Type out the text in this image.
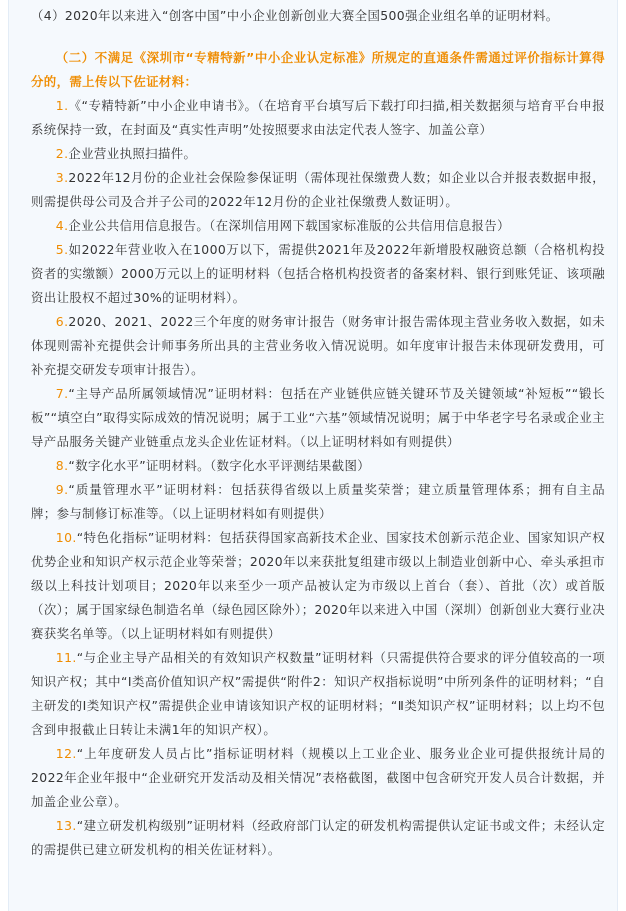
（4）2020年以来进入“创客中国”中小企业创新创业大赛全国500强企业组名单的证明材料。

（二）不满足《深圳市“专精特新”中小企业认定标准》所规定的直通条件需通过评价指标计算得分的，需上传以下佐证材料：

1.《“专精特新”中小企业申请书》。（在培育平台填写后下载打印扫描,相关数据须与培育平台申报系统保持一致，在封面及“真实性声明”处按照要求由法定代表人签字、加盖公章）

2.企业营业执照扫描件。

3.2022年12月份的企业社会保险参保证明（需体现社保缴费人数；如企业以合并报表数据申报，则需提供母公司及合并子公司的2022年12月份的企业社保缴费人数证明）。

4.企业公共信用信息报告。（在深圳信用网下载国家标准版的公共信用信息报告）

5.如2022年营业收入在1000万以下，需提供2021年及2022年新增股权融资总额（合格机构投资者的实缴额）2000万元以上的证明材料（包括合格机构投资者的备案材料、银行到账凭证、该项融资出让股权不超过30%的证明材料）。

6.2020、2021、2022三个年度的财务审计报告（财务审计报告需体现主营业务收入数据，如未体现则需补充提供会计师事务所出具的主营业务收入情况说明。如年度审计报告未体现研发费用，可补充提交研发专项审计报告）。

7.“主导产品所属领域情况”证明材料：包括在产业链供应链关键环节及关键领域“补短板”“锻长板”“填空白”取得实际成效的情况说明；属于工业“六基”领域情况说明；属于中华老字号名录或企业主导产品服务关键产业链重点龙头企业佐证材料。（以上证明材料如有则提供）

8.“数字化水平”证明材料。（数字化水平评测结果截图）

9.“质量管理水平”证明材料：包括获得省级以上质量奖荣誉；建立质量管理体系；拥有自主品牌；参与制修订标准等。（以上证明材料如有则提供）

10.“特色化指标”证明材料：包括获得国家高新技术企业、国家技术创新示范企业、国家知识产权优势企业和知识产权示范企业等荣誉；2020年以来获批复组建市级以上制造业创新中心、牵头承担市级以上科技计划项目；2020年以来至少一项产品被认定为市级以上首台（套）、首批（次）或首版（次）；属于国家绿色制造名单（绿色园区除外）；2020年以来进入中国（深圳）创新创业大赛行业决赛获奖名单等。（以上证明材料如有则提供）

11.“与企业主导产品相关的有效知识产权数量”证明材料（只需提供符合要求的评分值较高的一项知识产权；其中“I类高价值知识产权”需提供“附件2：知识产权指标说明”中所列条件的证明材料；“自主研发的I类知识产权”需提供企业申请该知识产权的证明材料；“Ⅱ类知识产权”证明材料；以上均不包含到申报截止日转让未满1年的知识产权）。

12.“上年度研发人员占比”指标证明材料（规模以上工业企业、服务业企业可提供报统计局的2022年企业年报中“企业研究开发活动及相关情况”表格截图，截图中包含研究开发人员合计数据，并加盖企业公章）。

13.“建立研发机构级别”证明材料（经政府部门认定的研发机构需提供认定证书或文件；未经认定的需提供已建立研发机构的相关佐证材料）。
